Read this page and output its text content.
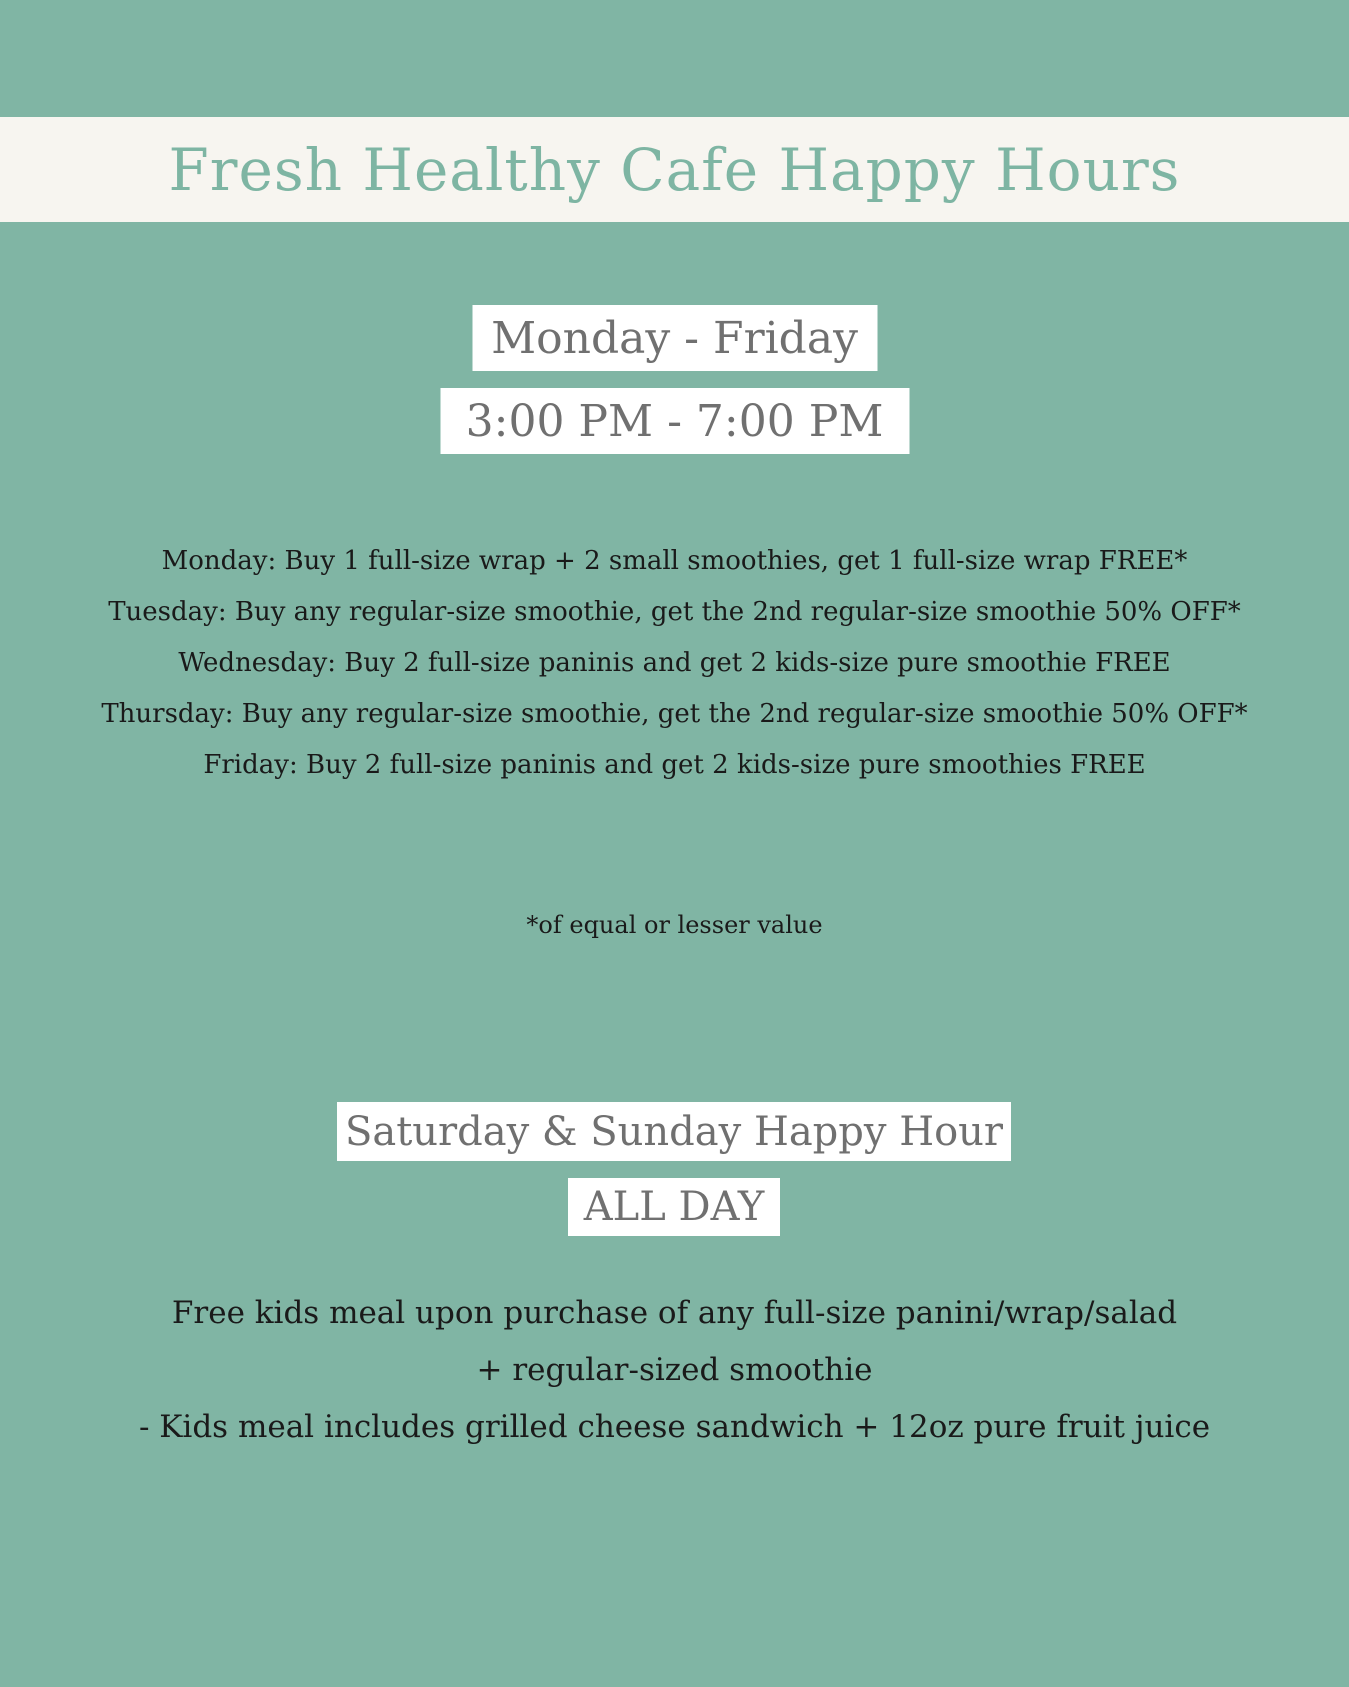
Fresh Healthy Cafe Happy Hours
Monday - Friday
3:00 PM - 7:00 PM

Monday: Buy 1 full-size wrap + 2 small smoothies, get 1 full-size wrap FREE*

Tuesday: Buy any regular-size smoothie, get the 2nd regular-size smoothie 50% OFF*

Wednesday: Buy 2 full-size paninis and get 2 kids-size pure smoothie FREE

Thursday: Buy any regular-size smoothie, get the 2nd regular-size smoothie 50% OFF*

Friday: Buy 2 full-size paninis and get 2 kids-size pure smoothies FREE

*of equal or lesser value
Saturday & Sunday Happy Hour
ALL DAY

Free kids meal upon purchase of any full-size panini/wrap/salad

+ regular-sized smoothie

- Kids meal includes grilled cheese sandwich + 12oz pure fruit juice
